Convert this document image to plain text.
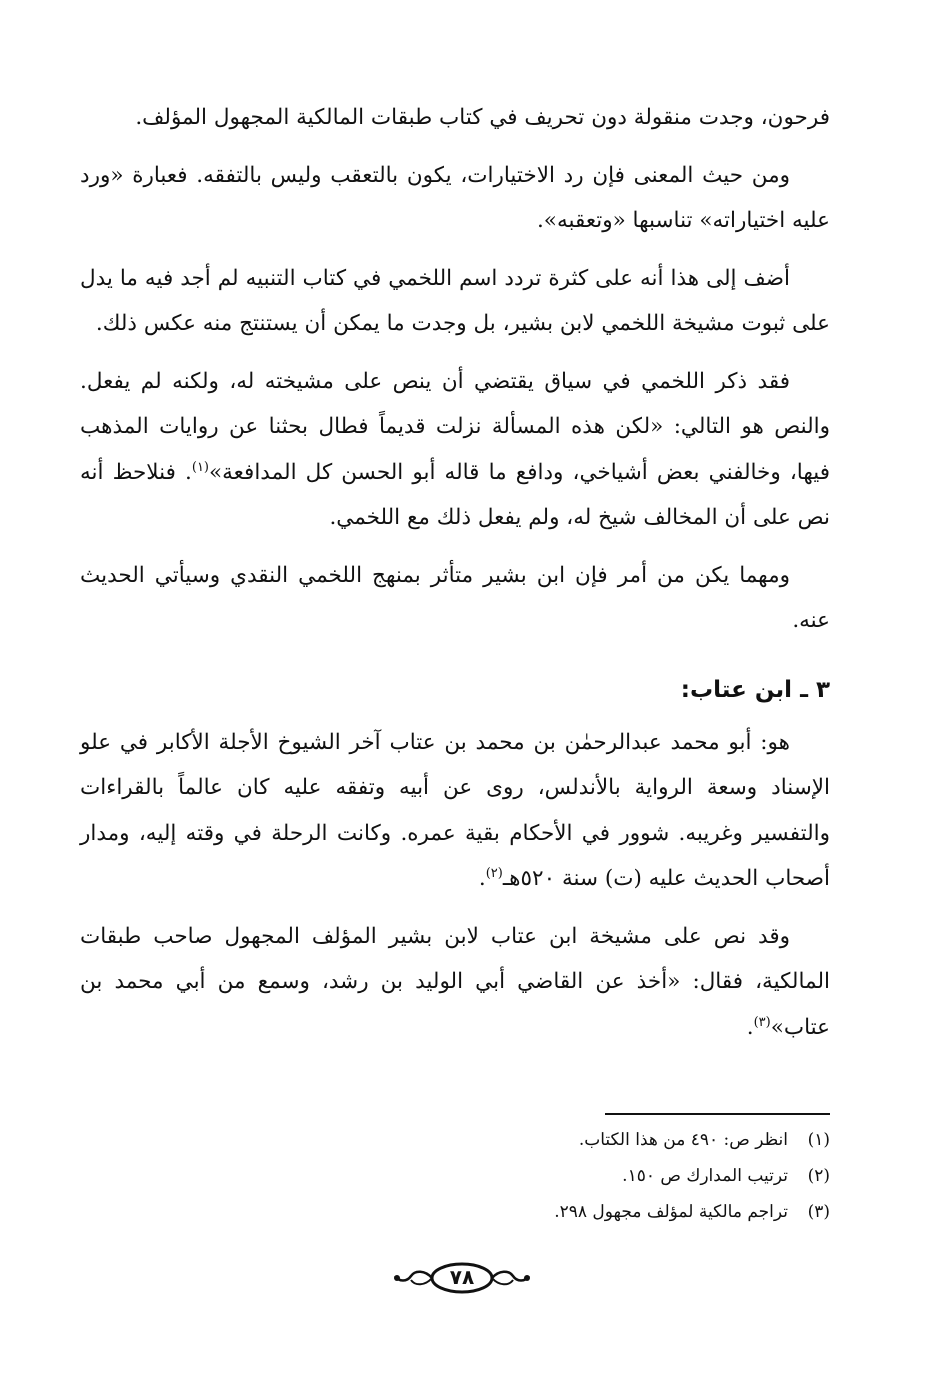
فرحون، وجدت منقولة دون تحريف في كتاب طبقات المالكية المجهول المؤلف.

ومن حيث المعنى فإن رد الاختيارات، يكون بالتعقب وليس بالتفقه. فعبارة «ورد عليه اختياراته» تناسبها «وتعقبه».

أضف إلى هذا أنه على كثرة تردد اسم اللخمي في كتاب التنبيه لم أجد فيه ما يدل على ثبوت مشيخة اللخمي لابن بشير، بل وجدت ما يمكن أن يستنتج منه عكس ذلك.

فقد ذكر اللخمي في سياق يقتضي أن ينص على مشيخته له، ولكنه لم يفعل. والنص هو التالي: «لكن هذه المسألة نزلت قديماً فطال بحثنا عن روايات المذهب فيها، وخالفني بعض أشياخي، ودافع ما قاله أبو الحسن كل المدافعة»$^{(١)}$. فنلاحظ أنه نص على أن المخالف شيخ له، ولم يفعل ذلك مع اللخمي.

ومهما يكن من أمر فإن ابن بشير متأثر بمنهج اللخمي النقدي وسيأتي الحديث عنه.

٣ ـ ابن عتاب:

هو: أبو محمد عبدالرحمٰن بن محمد بن عتاب آخر الشيوخ الأجلة الأكابر في علو الإسناد وسعة الرواية بالأندلس، روى عن أبيه وتفقه عليه كان عالماً بالقراءات والتفسير وغريبه. شوور في الأحكام بقية عمره. وكانت الرحلة في وقته إليه، ومدار أصحاب الحديث عليه (ت) سنة ٥٢٠هـ$^{(٢)}$.

وقد نص على مشيخة ابن عتاب لابن بشير المؤلف المجهول صاحب طبقات المالكية، فقال: «أخذ عن القاضي أبي الوليد بن رشد، وسمع من أبي محمد بن عتاب»$^{(٣)}$.

(١)
انظر ص: ٤٩٠ من هذا الكتاب.
(٢)
ترتيب المدارك ص ١٥٠.
(٣)
تراجم مالكية لمؤلف مجهول ٢٩٨.
٧٨
